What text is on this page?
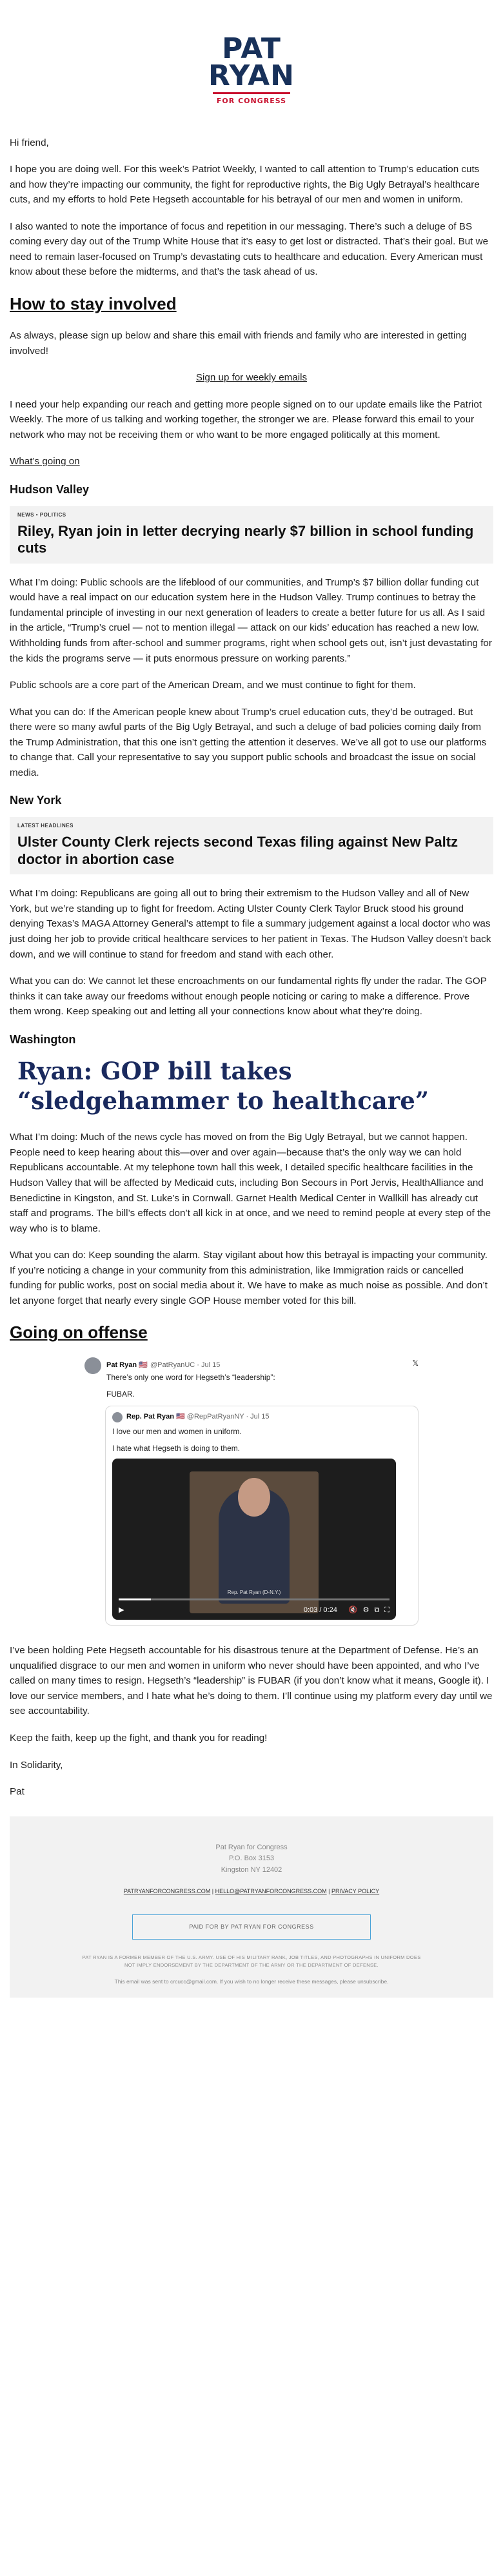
PAT
RYAN
FOR CONGRESS

Hi friend,

I hope you are doing well. For this week’s Patriot Weekly, I wanted to call attention to Trump’s education cuts and how they’re impacting our community, the fight for reproductive rights, the Big Ugly Betrayal’s healthcare cuts, and my efforts to hold Pete Hegseth accountable for his betrayal of our men and women in uniform.

I also wanted to note the importance of focus and repetition in our messaging. There’s such a deluge of BS coming every day out of the Trump White House that it’s easy to get lost or distracted. That’s their goal. But we need to remain laser-focused on Trump’s devastating cuts to healthcare and education. Every American must know about these before the midterms, and that’s the task ahead of us.

How to stay involved

As always, please sign up below and share this email with friends and family who are interested in getting involved!

Sign up for weekly emails

I need your help expanding our reach and getting more people signed on to our update emails like the Patriot Weekly. The more of us talking and working together, the stronger we are. Please forward this email to your network who may not be receiving them or who want to be more engaged politically at this moment.

What’s going on

Hudson Valley
NEWS • POLITICS
Riley, Ryan join in letter decrying nearly $7 billion in school funding cuts

What I’m doing: Public schools are the lifeblood of our communities, and Trump’s $7 billion dollar funding cut would have a real impact on our education system here in the Hudson Valley. Trump continues to betray the fundamental principle of investing in our next generation of leaders to create a better future for us all. As I said in the article, “Trump’s cruel — not to mention illegal — attack on our kids’ education has reached a new low. Withholding funds from after-school and summer programs, right when school gets out, isn’t just devastating for the kids the programs serve — it puts enormous pressure on working parents.”

Public schools are a core part of the American Dream, and we must continue to fight for them.

What you can do: If the American people knew about Trump’s cruel education cuts, they’d be outraged. But there were so many awful parts of the Big Ugly Betrayal, and such a deluge of bad policies coming daily from the Trump Administration, that this one isn’t getting the attention it deserves. We’ve all got to use our platforms to change that. Call your representative to say you support public schools and broadcast the issue on social media.

New York
LATEST HEADLINES
Ulster County Clerk rejects second Texas filing against New Paltz doctor in abortion case

What I’m doing: Republicans are going all out to bring their extremism to the Hudson Valley and all of New York, but we’re standing up to fight for freedom. Acting Ulster County Clerk Taylor Bruck stood his ground denying Texas’s MAGA Attorney General’s attempt to file a summary judgement against a local doctor who was just doing her job to provide critical healthcare services to her patient in Texas. The Hudson Valley doesn’t back down, and we will continue to stand for freedom and stand with each other.

What you can do: We cannot let these encroachments on our fundamental rights fly under the radar. The GOP thinks it can take away our freedoms without enough people noticing or caring to make a difference. Prove them wrong. Keep speaking out and letting all your connections know about what they’re doing.

Washington
Ryan: GOP bill takes “sledgehammer to healthcare”

What I’m doing: Much of the news cycle has moved on from the Big Ugly Betrayal, but we cannot happen. People need to keep hearing about this—over and over again—because that’s the only way we can hold Republicans accountable. At my telephone town hall this week, I detailed specific healthcare facilities in the Hudson Valley that will be affected by Medicaid cuts, including Bon Secours in Port Jervis, HealthAlliance and Benedictine in Kingston, and St. Luke’s in Cornwall. Garnet Health Medical Center in Wallkill has already cut staff and programs. The bill’s effects don’t all kick in at once, and we need to remind people at every step of the way who is to blame.

What you can do: Keep sounding the alarm. Stay vigilant about how this betrayal is impacting your community. If you’re noticing a change in your community from this administration, like Immigration raids or cancelled funding for public works, post on social media about it. We have to make as much noise as possible. And don’t let anyone forget that nearly every single GOP House member voted for this bill.

Going on offense
Pat Ryan 🇺🇸 @PatRyanUC · Jul 15
There’s only one word for Hegseth’s “leadership”:
𝕏
FUBAR.
Rep. Pat Ryan 🇺🇸
@RepPatRyanNY · Jul 15
I love our men and women in uniform.
I hate what Hegseth is doing to them.
Rep. Pat Ryan (D-N.Y.)
▶	0:03 / 0:24 🔇 ⚙ ⧉ ⛶

I’ve been holding Pete Hegseth accountable for his disastrous tenure at the Department of Defense. He’s an unqualified disgrace to our men and women in uniform who never should have been appointed, and who I’ve called on many times to resign. Hegseth’s “leadership” is FUBAR (if you don’t know what it means, Google it). I love our service members, and I hate what he’s doing to them. I’ll continue using my platform every day until we see accountability.

Keep the faith, keep up the fight, and thank you for reading!

In Solidarity,

Pat

Pat Ryan for Congress
P.O. Box 3153
Kingston NY 12402
PATRYANFORCONGRESS.COM | HELLO@PATRYANFORCONGRESS.COM | PRIVACY POLICY
PAID FOR BY PAT RYAN FOR CONGRESS
PAT RYAN IS A FORMER MEMBER OF THE U.S. ARMY. USE OF HIS MILITARY RANK, JOB TITLES, AND PHOTOGRAPHS IN UNIFORM DOES
NOT IMPLY ENDORSEMENT BY THE DEPARTMENT OF THE ARMY OR THE DEPARTMENT OF DEFENSE.
This email was sent to crcucc@gmail.com. If you wish to no longer receive these messages, please unsubscribe.
